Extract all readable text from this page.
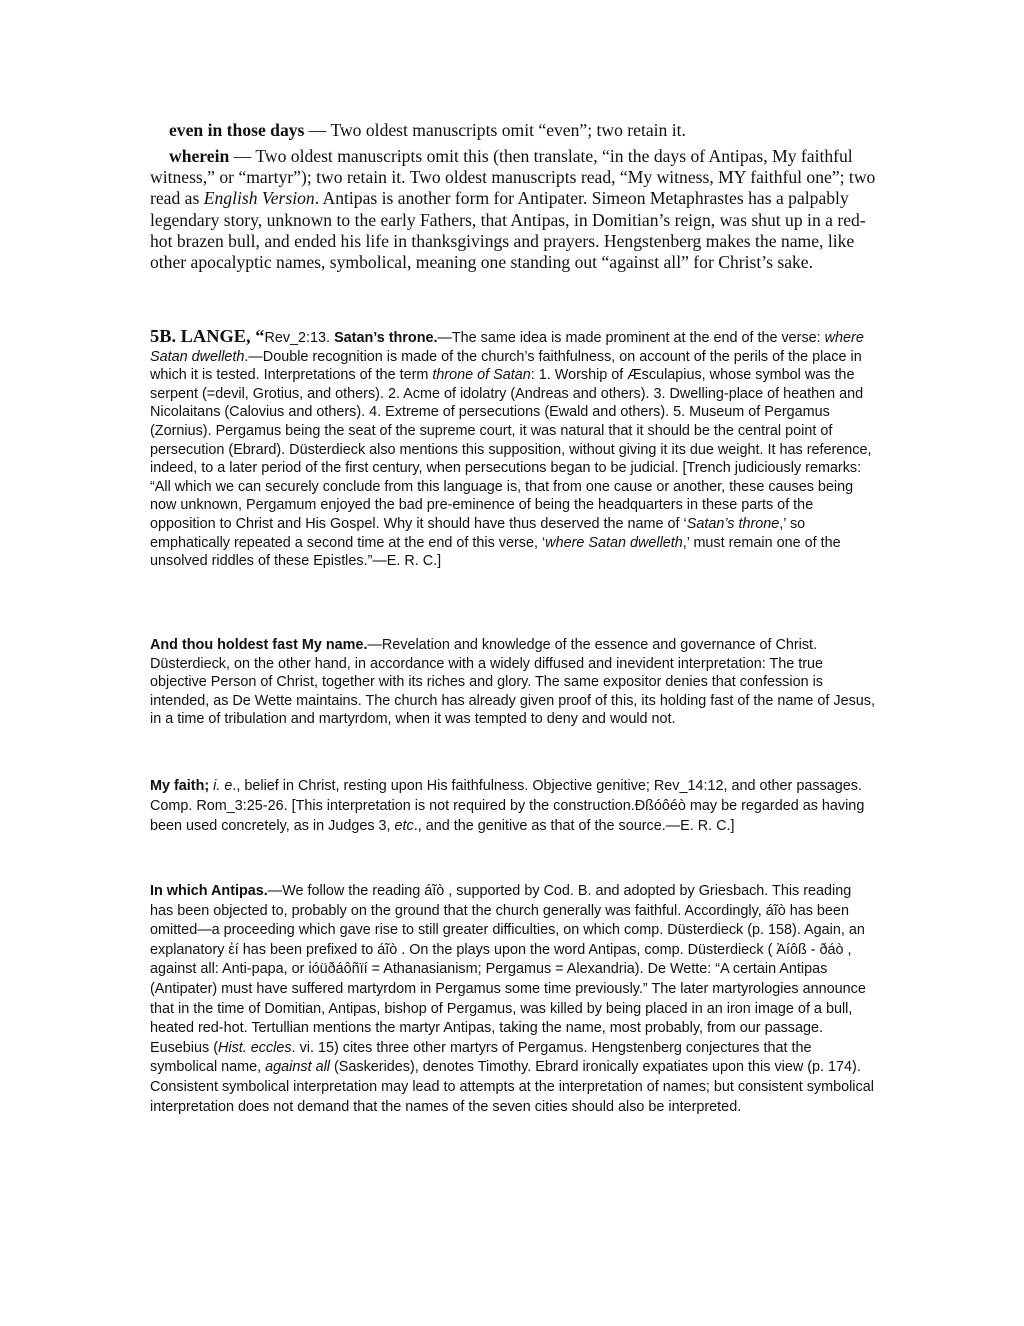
even in those days — Two oldest manuscripts omit “even”; two retain it.

wherein — Two oldest manuscripts omit this (then translate, “in the days of Antipas, My faithful witness,” or “martyr”); two retain it. Two oldest manuscripts read, “My witness, MY faithful one”; two read as English Version. Antipas is another form for Antipater. Simeon Metaphrastes has a palpably legendary story, unknown to the early Fathers, that Antipas, in Domitian’s reign, was shut up in a red-hot brazen bull, and ended his life in thanksgivings and prayers. Hengstenberg makes the name, like other apocalyptic names, symbolical, meaning one standing out “against all” for Christ’s sake.

5B. LANGE, “Rev_2:13. Satan’s throne.—The same idea is made prominent at the end of the verse: where Satan dwelleth.—Double recognition is made of the church’s faithfulness, on account of the perils of the place in which it is tested. Interpretations of the term throne of Satan: 1. Worship of Æsculapius, whose symbol was the serpent (=devil, Grotius, and others). 2. Acme of idolatry (Andreas and others). 3. Dwelling-place of heathen and Nicolaitans (Calovius and others). 4. Extreme of persecutions (Ewald and others). 5. Museum of Pergamus (Zornius). Pergamus being the seat of the supreme court, it was natural that it should be the central point of persecution (Ebrard). Düsterdieck also mentions this supposition, without giving it its due weight. It has reference, indeed, to a later period of the first century, when persecutions began to be judicial. [Trench judiciously remarks: “All which we can securely conclude from this language is, that from one cause or another, these causes being now unknown, Pergamum enjoyed the bad pre-eminence of being the headquarters in these parts of the opposition to Christ and His Gospel. Why it should have thus deserved the name of ‘Satan’s throne,’ so emphatically repeated a second time at the end of this verse, ‘where Satan dwelleth,’ must remain one of the unsolved riddles of these Epistles.”—E. R. C.]

And thou holdest fast My name.—Revelation and knowledge of the essence and governance of Christ. Düsterdieck, on the other hand, in accordance with a widely diffused and inevident interpretation: The true objective Person of Christ, together with its riches and glory. The same expositor denies that confession is intended, as De Wette maintains. The church has already given proof of this, its holding fast of the name of Jesus, in a time of tribulation and martyrdom, when it was tempted to deny and would not.

My faith; i. e., belief in Christ, resting upon His faithfulness. Objective genitive; Rev_14:12, and other passages. Comp. Rom_3:25-26. [This interpretation is not required by the construction.Ðßóôéò may be regarded as having been used concretely, as in Judges 3, etc., and the genitive as that of the source.—E. R. C.]

In which Antipas.—We follow the reading áĩò , supported by Cod. B. and adopted by Griesbach. This reading has been objected to, probably on the ground that the church generally was faithful. Accordingly, áĩò has been omitted—a proceeding which gave rise to still greater difficulties, on which comp. Düsterdieck (p. 158). Again, an explanatory ἐí has been prefixed to áĩò . On the plays upon the word Antipas, comp. Düsterdieck ( Ἀíôß - ðáò , against all: Anti-papa, or ἰóüðáôñïí = Athanasianism; Pergamus = Alexandria). De Wette: “A certain Antipas (Antipater) must have suffered martyrdom in Pergamus some time previously.” The later martyrologies announce that in the time of Domitian, Antipas, bishop of Pergamus, was killed by being placed in an iron image of a bull, heated red-hot. Tertullian mentions the martyr Antipas, taking the name, most probably, from our passage. Eusebius (Hist. eccles. vi. 15) cites three other martyrs of Pergamus. Hengstenberg conjectures that the symbolical name, against all (Saskerides), denotes Timothy. Ebrard ironically expatiates upon this view (p. 174). Consistent symbolical interpretation may lead to attempts at the interpretation of names; but consistent symbolical interpretation does not demand that the names of the seven cities should also be interpreted.
